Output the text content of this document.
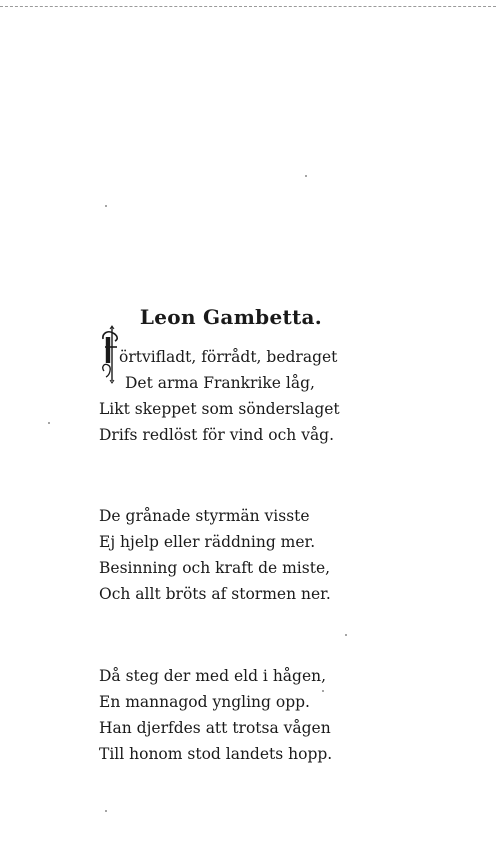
Leon Gambetta.
örtvifladt, förrådt, bedraget
Det arma Frankrike låg,
Likt skeppet som sönderslaget
Drifs redlöst för vind och våg.
De grånade styrmän visste
Ej hjelp eller räddning mer.
Besinning och kraft de miste,
Och allt bröts af stormen ner.
Då steg der med eld i hågen,
En mannagod yngling opp.
Han djerfdes att trotsa vågen
Till honom stod landets hopp.
